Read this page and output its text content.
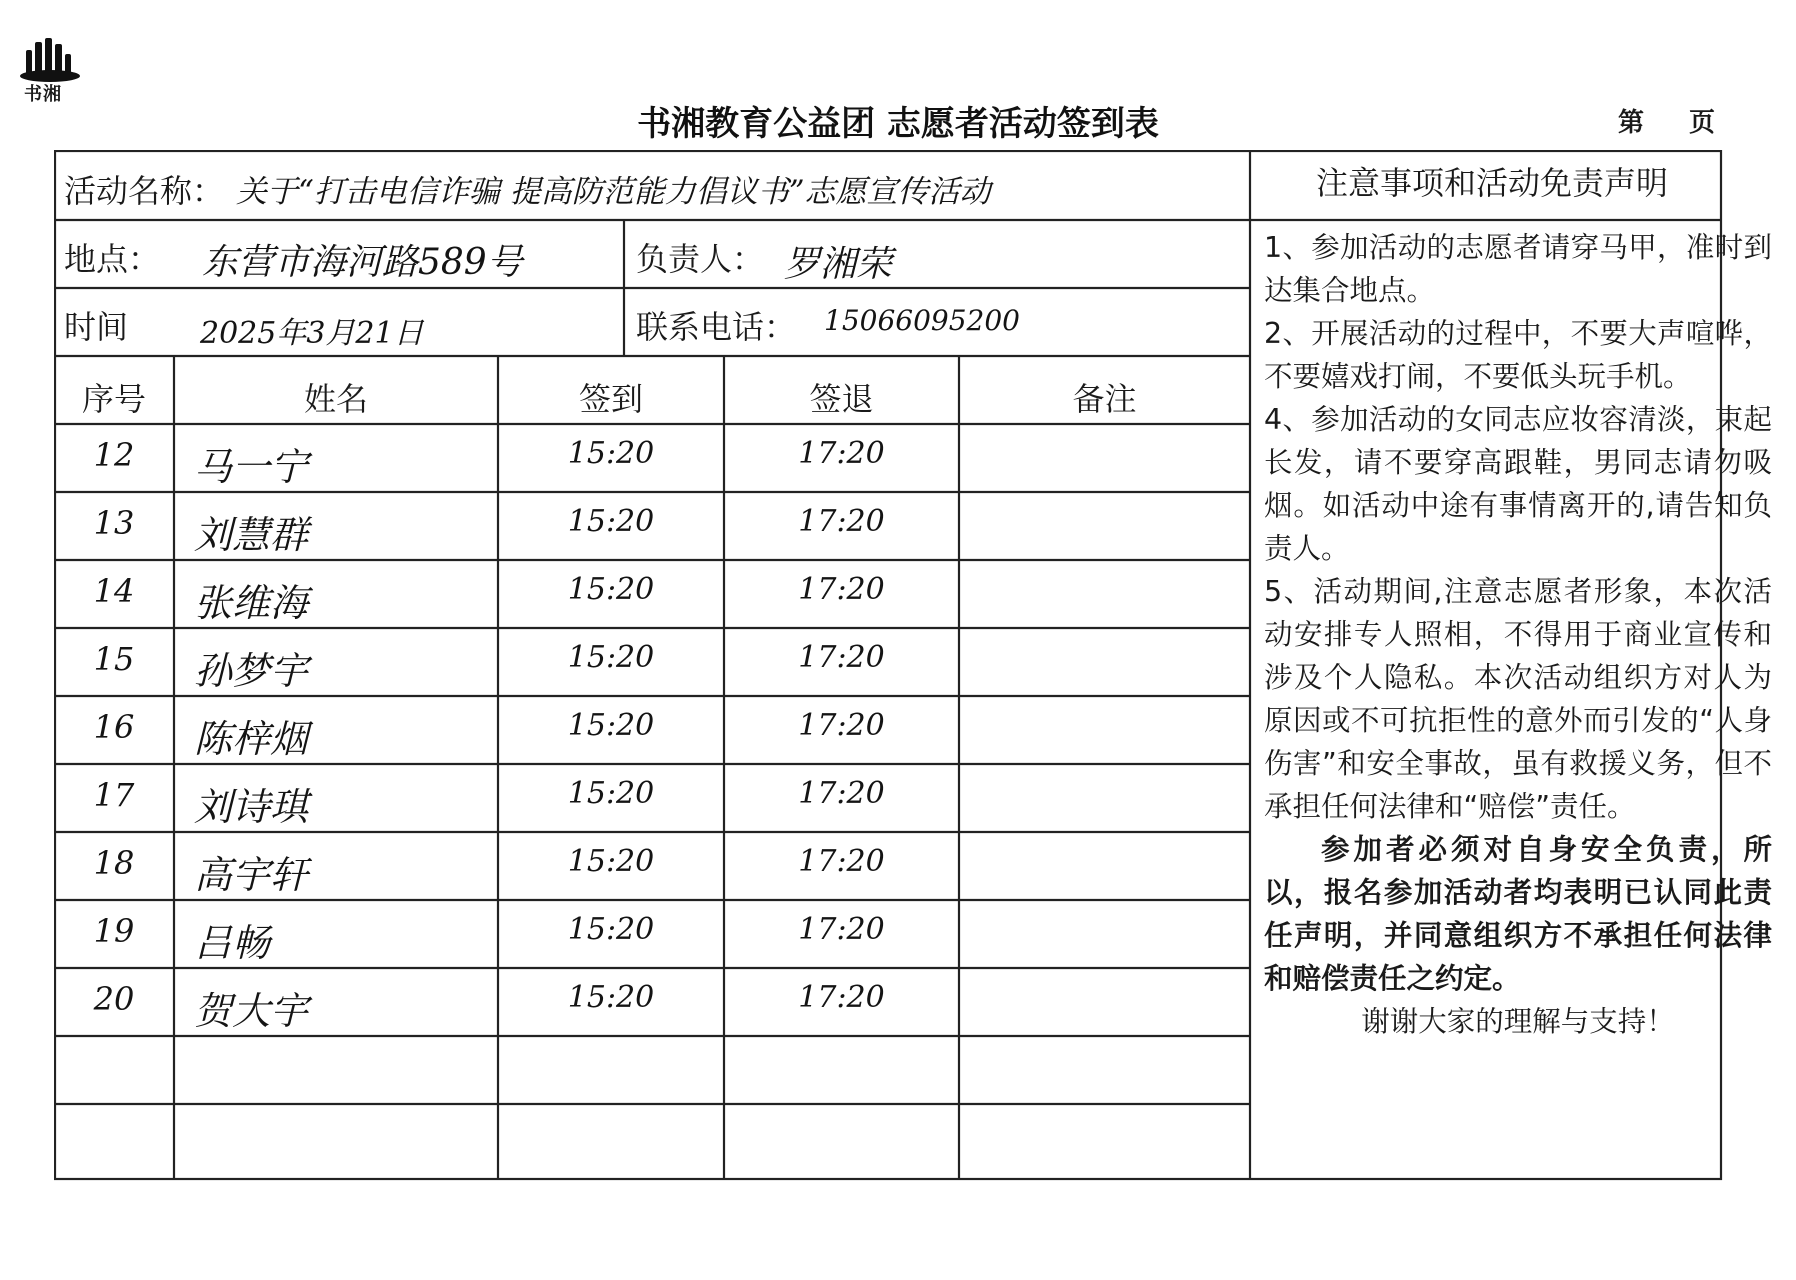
书湘
书湘教育公益团 志愿者活动签到表	第 页
活动名称： 关于“打击电信诈骗 提高防范能力倡议书”志愿宣传活动
地点： 东营市海河路589号	负责人： 罗湘荣
时间 2025年3月21日	联系电话： 15066095200
序号	姓名	签到	签退	备注
12	马一宁	15:20	17:20
13	刘慧群	15:20	17:20
14	张维海	15:20	17:20
15	孙梦宇	15:20	17:20
16	陈梓烟	15:20	17:20
17	刘诗琪	15:20	17:20
18	高宇轩	15:20	17:20
19	吕畅	15:20	17:20
20	贺大宇	15:20	17:20
注意事项和活动免责声明

1、参加活动的志愿者请穿马甲，准时到达集合地点。

2、开展活动的过程中，不要大声喧哗，不要嬉戏打闹，不要低头玩手机。

4、参加活动的女同志应妆容清淡，束起长发，请不要穿高跟鞋，男同志请勿吸烟。如活动中途有事情离开的,请告知负责人。

5、活动期间,注意志愿者形象，本次活动安排专人照相，不得用于商业宣传和涉及个人隐私。本次活动组织方对人为原因或不可抗拒性的意外而引发的“人身伤害”和安全事故，虽有救援义务，但不承担任何法律和“赔偿”责任。

参加者必须对自身安全负责，所以，报名参加活动者均表明已认同此责任声明，并同意组织方不承担任何法律和赔偿责任之约定。

谢谢大家的理解与支持！
